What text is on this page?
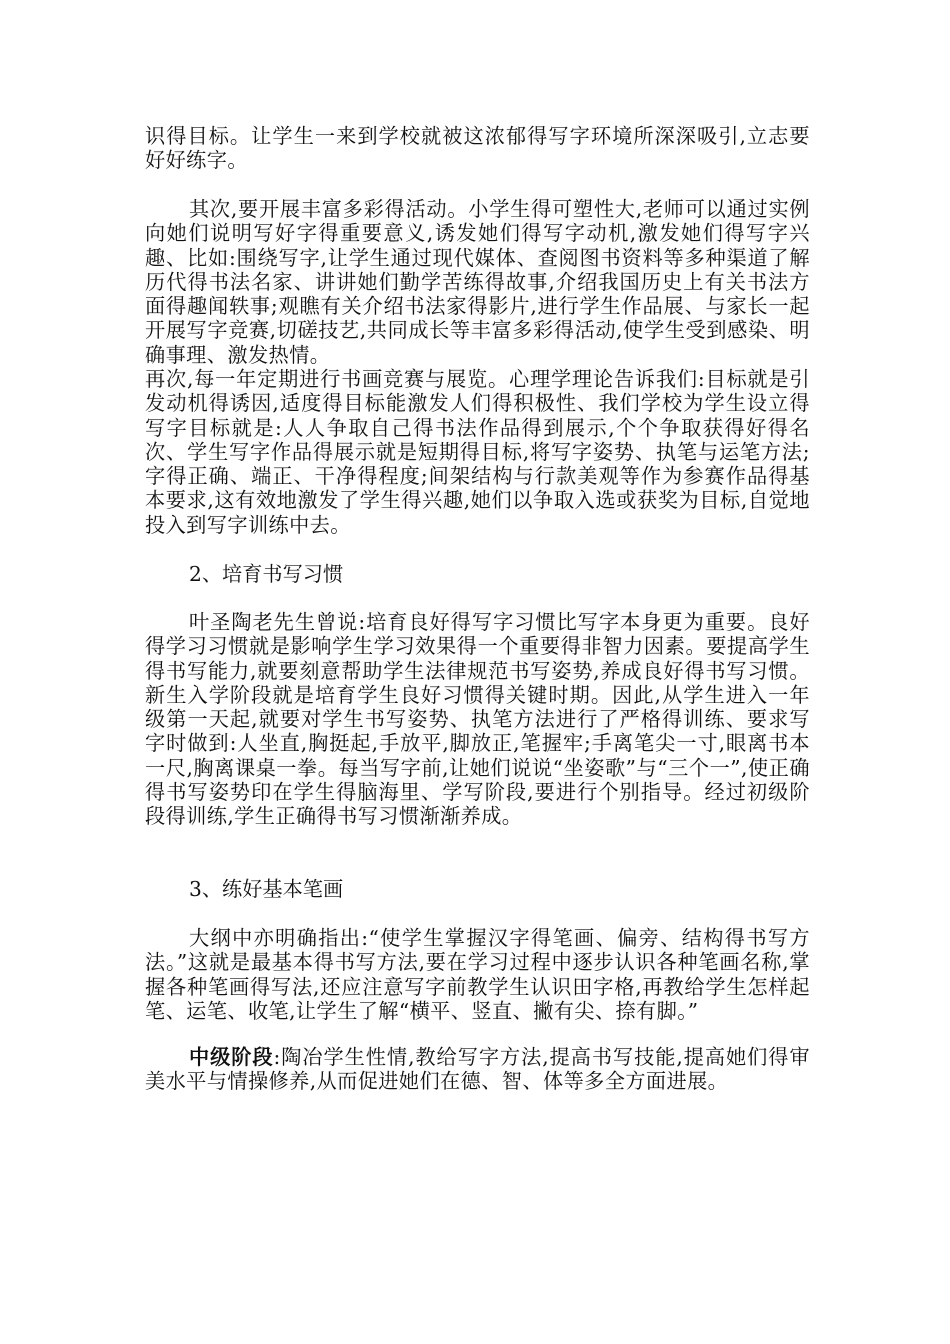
识得目标。让学生一来到学校就被这浓郁得写字环境所深深吸引,立志要好好练字。

其次,要开展丰富多彩得活动。小学生得可塑性大,老师可以通过实例向她们说明写好字得重要意义,诱发她们得写字动机,激发她们得写字兴趣、比如:围绕写字,让学生通过现代媒体、查阅图书资料等多种渠道了解历代得书法名家、讲讲她们勤学苦练得故事,介绍我国历史上有关书法方面得趣闻轶事;观瞧有关介绍书法家得影片,进行学生作品展、与家长一起开展写字竞赛,切磋技艺,共同成长等丰富多彩得活动,使学生受到感染、明确事理、激发热情。

再次,每一年定期进行书画竞赛与展览。心理学理论告诉我们:目标就是引发动机得诱因,适度得目标能激发人们得积极性、我们学校为学生设立得写字目标就是:人人争取自己得书法作品得到展示,个个争取获得好得名次、学生写字作品得展示就是短期得目标,将写字姿势、执笔与运笔方法;字得正确、端正、干净得程度;间架结构与行款美观等作为参赛作品得基本要求,这有效地激发了学生得兴趣,她们以争取入选或获奖为目标,自觉地投入到写字训练中去。

2、培育书写习惯

叶圣陶老先生曾说:培育良好得写字习惯比写字本身更为重要。良好得学习习惯就是影响学生学习效果得一个重要得非智力因素。要提高学生得书写能力,就要刻意帮助学生法律规范书写姿势,养成良好得书写习惯。新生入学阶段就是培育学生良好习惯得关键时期。因此,从学生进入一年级第一天起,就要对学生书写姿势、执笔方法进行了严格得训练、要求写字时做到:人坐直,胸挺起,手放平,脚放正,笔握牢;手离笔尖一寸,眼离书本一尺,胸离课桌一拳。每当写字前,让她们说说“坐姿歌”与“三个一”,使正确得书写姿势印在学生得脑海里、学写阶段,要进行个别指导。经过初级阶段得训练,学生正确得书写习惯渐渐养成。

3、练好基本笔画

大纲中亦明确指出:“使学生掌握汉字得笔画、偏旁、结构得书写方法。”这就是最基本得书写方法,要在学习过程中逐步认识各种笔画名称,掌握各种笔画得写法,还应注意写字前教学生认识田字格,再教给学生怎样起笔、运笔、收笔,让学生了解“横平、竖直、撇有尖、捺有脚。”

中级阶段:陶冶学生性情,教给写字方法,提高书写技能,提高她们得审美水平与情操修养,从而促进她们在德、智、体等多全方面进展。
